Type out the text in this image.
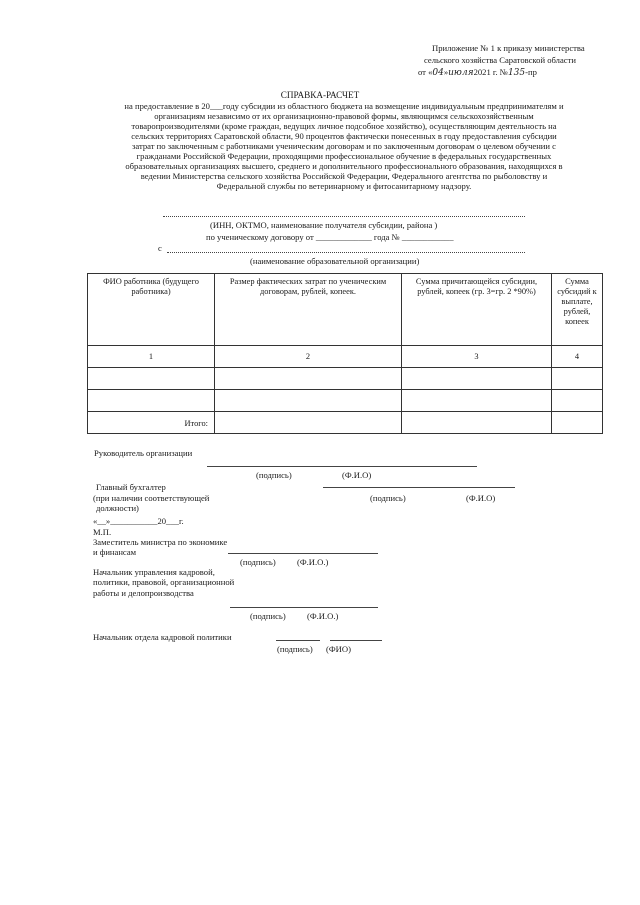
Приложение № 1 к приказу министерства
сельского хозяйства Саратовской области
от «04»июля2021 г. №135-пр
СПРАВКА-РАСЧЕТ
на предоставление в 20___году субсидии из областного бюджета на возмещение индивидуальным предпринимателям и
организациям независимо от их организационно-правовой формы, являющимся сельскохозяйственным
товаропроизводителями (кроме граждан, ведущих личное подсобное хозяйство), осуществляющим деятельность на
сельских территориях Саратовской области, 90 процентов фактически понесенных в году предоставления субсидии
затрат по заключенным с работниками ученическим договорам и по заключенным договорам о целевом обучении с
гражданами Российской Федерации, проходящими профессиональное обучение в федеральных государственных
образовательных организациях высшего, среднего и дополнительного профессионального образования, находящихся в
ведении Министерства сельского хозяйства Российской Федерации, Федерального агентства по рыболовству и
Федеральной службы по ветеринарному и фитосанитарному надзору.
(ИНН, ОКТМО, наименование получателя субсидии, района )
по ученическому договору от _____________ года № ____________
с
(наименование образовательной организации)
ФИО работника (будущего работника)	Размер фактических затрат по ученическим договорам, рублей, копеек.	Сумма причитающейся субсидии, рублей, копеек (гр. 3=гр. 2 *90%)	Сумма субсидий к выплате, рублей, копеек
1	2	3	4

Итого:			
Руководитель организации
(подпись)	(Ф.И.О)
Главный бухгалтер
(при наличии соответствующей	(подпись)	(Ф.И.О)
должности)
«__»___________20___г.
М.П.
Заместитель министра по экономике
и финансам
(подпись) (Ф.И.О.)
Начальник управления кадровой,
политики, правовой, организационной
работы и делопроизводства
(подпись) (Ф.И.О.)
Начальник отдела кадровой политики
(подпись) (ФИО)
